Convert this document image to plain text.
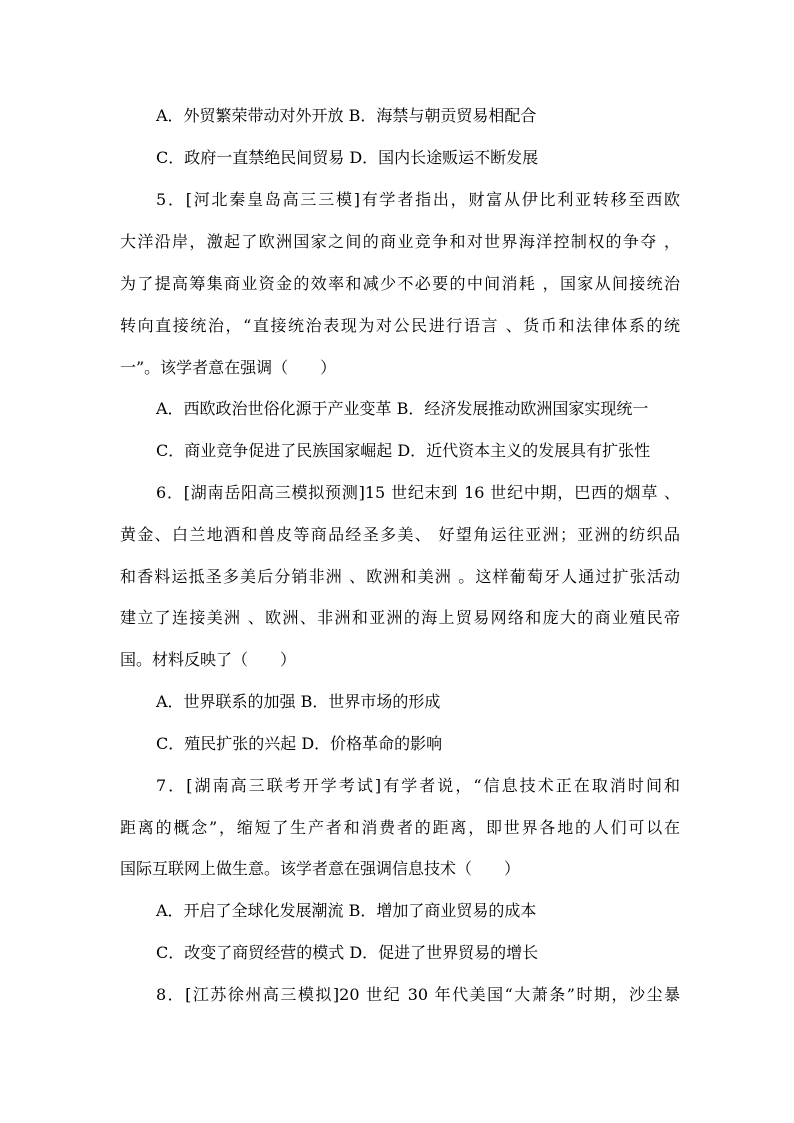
A．外贸繁荣带动对外开放 B．海禁与朝贡贸易相配合
C．政府一直禁绝民间贸易 D．国内长途贩运不断发展
5．[河北秦皇岛高三三模]有学者指出，财富从伊比利亚转移至西欧
大洋沿岸，激起了欧洲国家之间的商业竞争和对世界海洋控制权的争夺 ，
为了提高筹集商业资金的效率和减少不必要的中间消耗 ，国家从间接统治
转向直接统治，“直接统治表现为对公民进行语言 、货币和法律体系的统
一”。该学者意在强调（　　）
A．西欧政治世俗化源于产业变革 B．经济发展推动欧洲国家实现统一
C．商业竞争促进了民族国家崛起 D．近代资本主义的发展具有扩张性
6．[湖南岳阳高三模拟预测]15 世纪末到 16 世纪中期，巴西的烟草 、
黄金、白兰地酒和兽皮等商品经圣多美、 好望角运往亚洲；亚洲的纺织品
和香料运抵圣多美后分销非洲 、欧洲和美洲 。这样葡萄牙人通过扩张活动
建立了连接美洲 、欧洲、非洲和亚洲的海上贸易网络和庞大的商业殖民帝
国。材料反映了（　　）
A．世界联系的加强 B．世界市场的形成
C．殖民扩张的兴起 D．价格革命的影响
7．[湖南高三联考开学考试]有学者说，“信息技术正在取消时间和
距离的概念”，缩短了生产者和消费者的距离，即世界各地的人们可以在
国际互联网上做生意。该学者意在强调信息技术（　　）
A．开启了全球化发展潮流 B．增加了商业贸易的成本
C．改变了商贸经营的模式 D．促进了世界贸易的增长
8．[江苏徐州高三模拟]20 世纪 30 年代美国“大萧条”时期，沙尘暴
